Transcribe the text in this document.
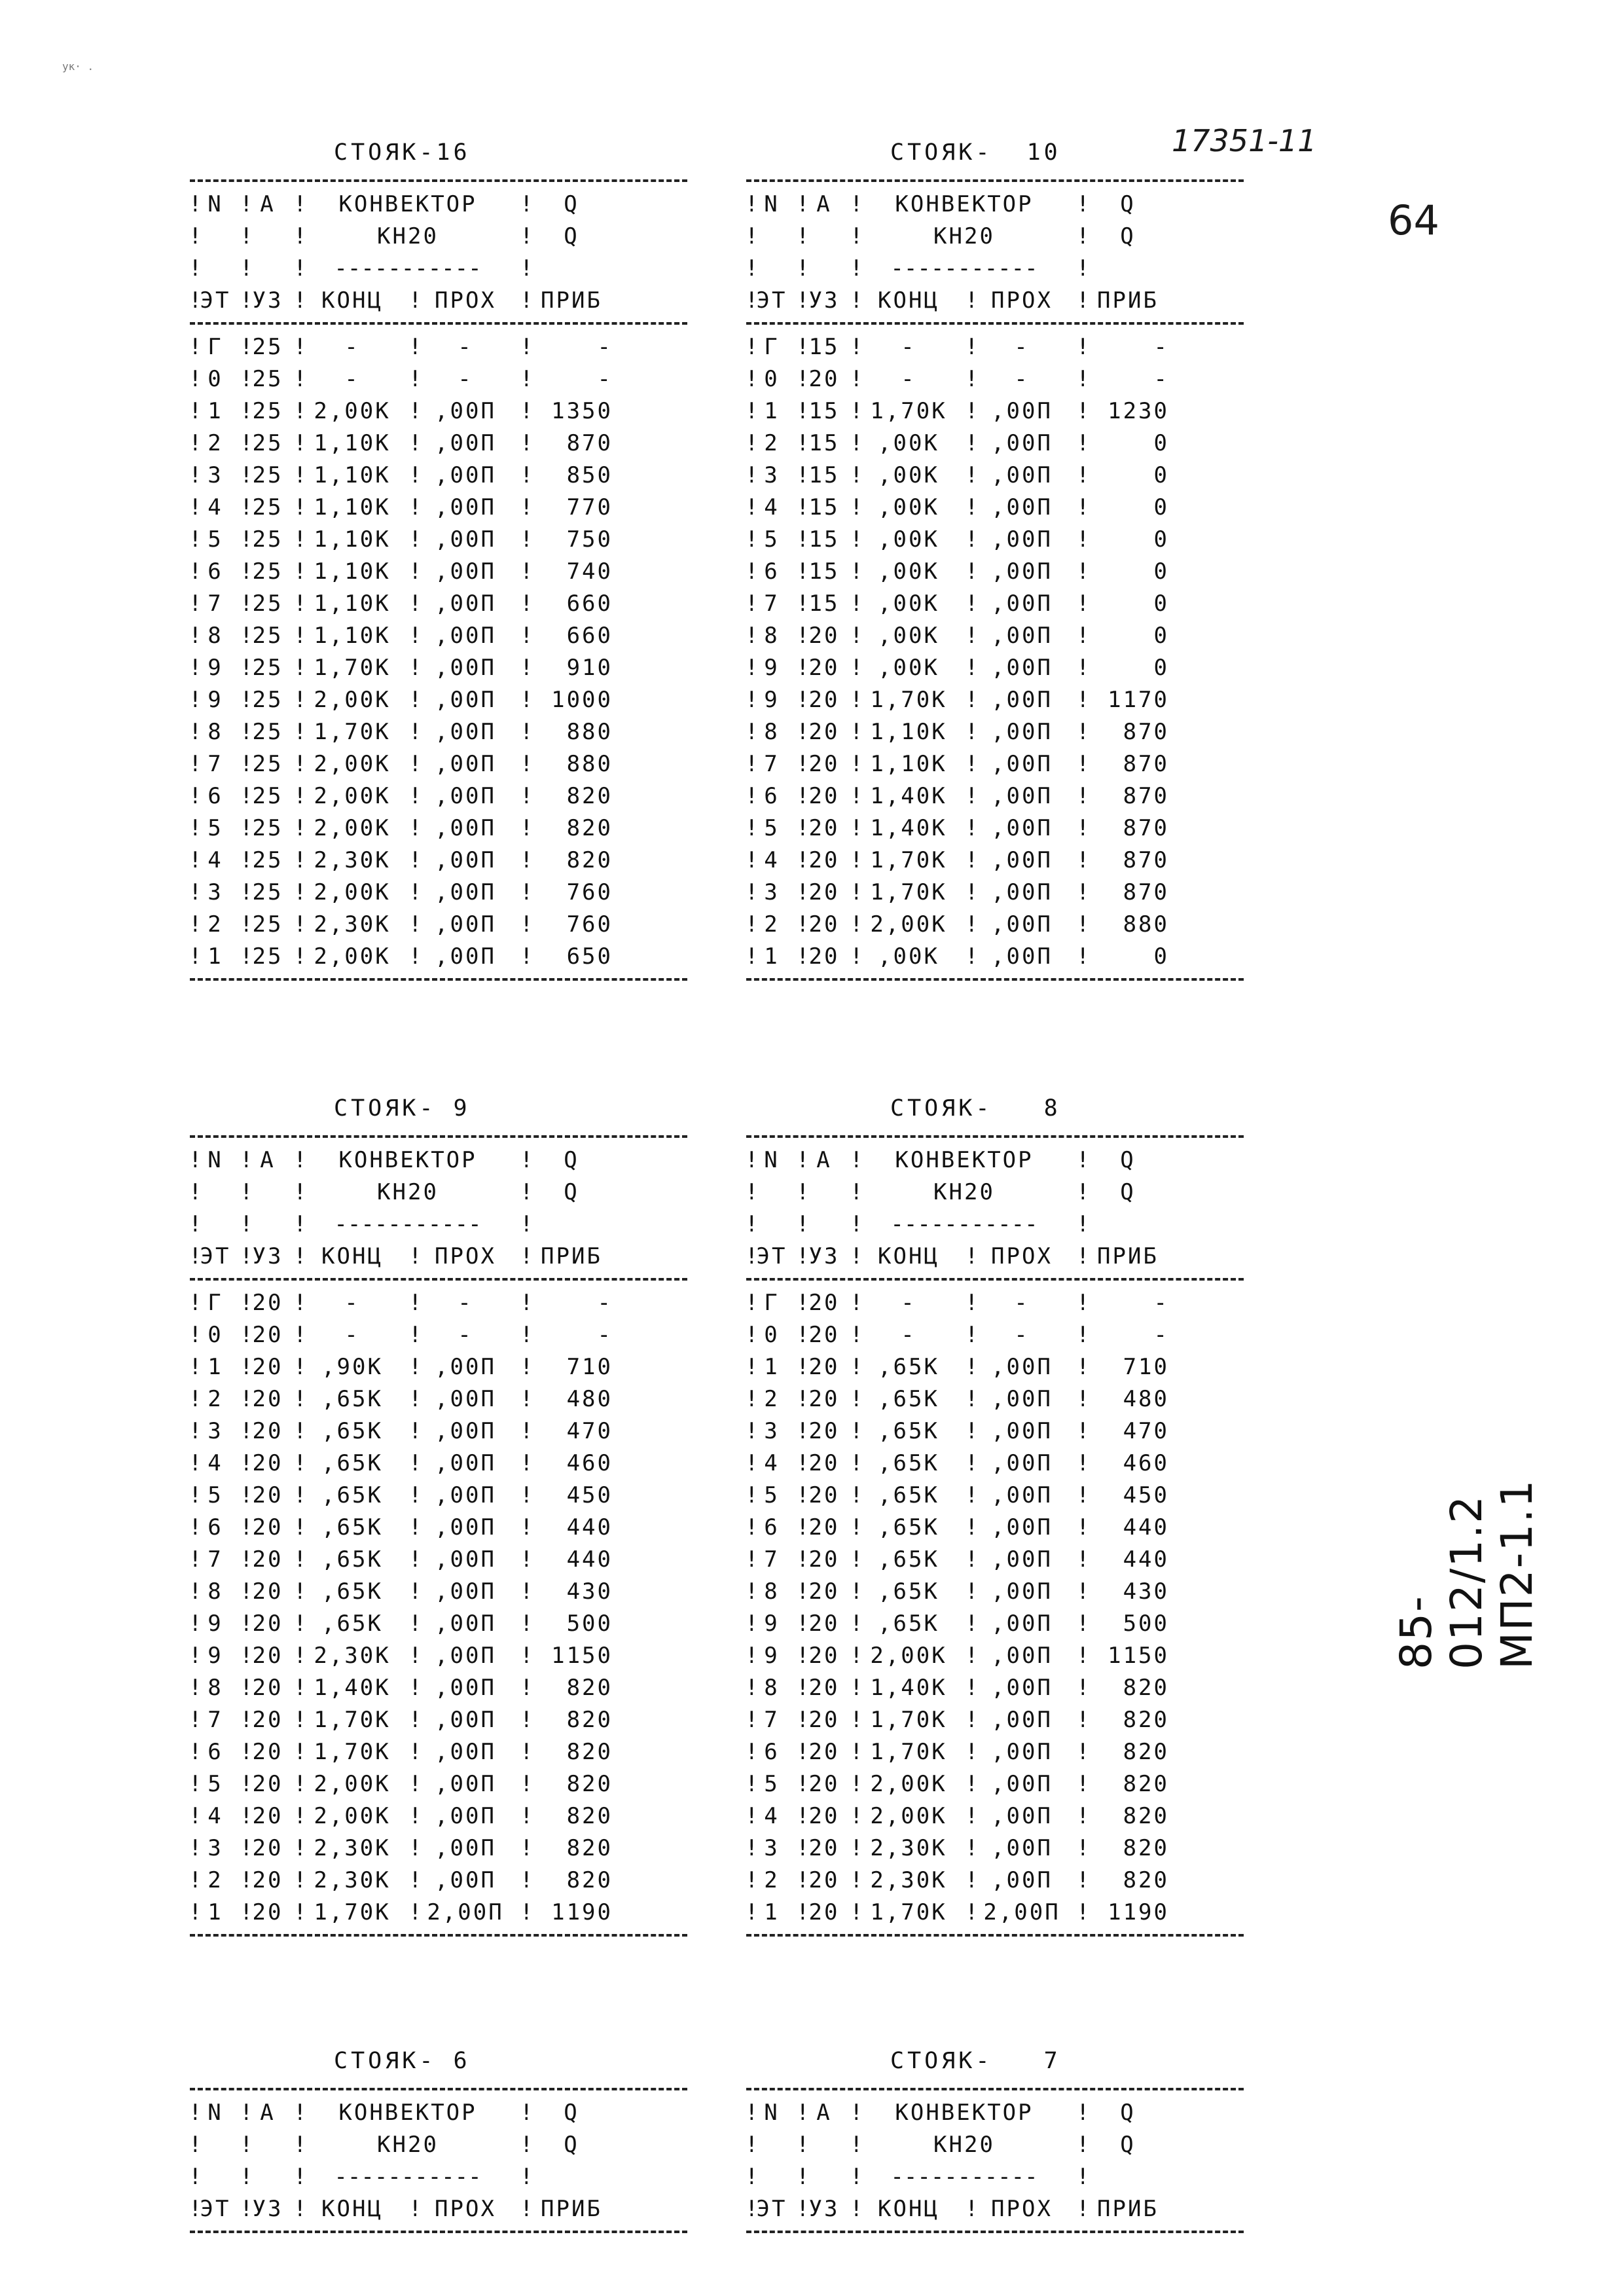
ук· .
17351-11
64
85-012/1.2 МП2-1.1
СТОЯК-16
! N	! А	! КОНВЕКТОР	! Q
!
!
! КН20	! Q
!
!
! -----------
!
! ЭТ ! УЗ	! КОНЦ	! ПРОХ	! ПРИБ
! Г	! 25	! -	! -	! -
! 0	! 25	! -	! -	! -
! 1	! 25	! 2,00К	! ,00П	! 1350
! 2	! 25	! 1,10К	! ,00П	! 870
! 3	! 25	! 1,10К	! ,00П	! 850
! 4	! 25	! 1,10К	! ,00П	! 770
! 5	! 25	! 1,10К	! ,00П	! 750
! 6	! 25	! 1,10К	! ,00П	! 740
! 7	! 25	! 1,10К	! ,00П	! 660
! 8	! 25	! 1,10К	! ,00П	! 660
! 9	! 25	! 1,70К	! ,00П	! 910
! 9	! 25	! 2,00К	! ,00П	! 1000
! 8	! 25	! 1,70К	! ,00П	! 880
! 7	! 25	! 2,00К	! ,00П	! 880
! 6	! 25	! 2,00К	! ,00П	! 820
! 5	! 25	! 2,00К	! ,00П	! 820
! 4	! 25	! 2,30К	! ,00П	! 820
! 3	! 25	! 2,00К	! ,00П	! 760
! 2	! 25	! 2,30К	! ,00П	! 760
! 1	! 25	! 2,00К	! ,00П	! 650
СТОЯК-  10
! N	! А	! КОНВЕКТОР	! Q
!
!
! КН20	! Q
!
!
! -----------
!
! ЭТ ! УЗ	! КОНЦ	! ПРОХ	! ПРИБ
! Г	! 15	! -	! -	! -
! 0	! 20	! -	! -	! -
! 1	! 15	! 1,70К	! ,00П	! 1230
! 2	! 15	! ,00К	! ,00П	! 0
! 3	! 15	! ,00К	! ,00П	! 0
! 4	! 15	! ,00К	! ,00П	! 0
! 5	! 15	! ,00К	! ,00П	! 0
! 6	! 15	! ,00К	! ,00П	! 0
! 7	! 15	! ,00К	! ,00П	! 0
! 8	! 20	! ,00К	! ,00П	! 0
! 9	! 20	! ,00К	! ,00П	! 0
! 9	! 20	! 1,70К	! ,00П	! 1170
! 8	! 20	! 1,10К	! ,00П	! 870
! 7	! 20	! 1,10К	! ,00П	! 870
! 6	! 20	! 1,40К	! ,00П	! 870
! 5	! 20	! 1,40К	! ,00П	! 870
! 4	! 20	! 1,70К	! ,00П	! 870
! 3	! 20	! 1,70К	! ,00П	! 870
! 2	! 20	! 2,00К	! ,00П	! 880
! 1	! 20	! ,00К	! ,00П	! 0
СТОЯК- 9
! N	! А	! КОНВЕКТОР	! Q
!
!
! КН20	! Q
!
!
! -----------
!
! ЭТ ! УЗ	! КОНЦ	! ПРОХ	! ПРИБ
! Г	! 20	! -	! -	! -
! 0	! 20	! -	! -	! -
! 1	! 20	! ,90К	! ,00П	! 710
! 2	! 20	! ,65К	! ,00П	! 480
! 3	! 20	! ,65К	! ,00П	! 470
! 4	! 20	! ,65К	! ,00П	! 460
! 5	! 20	! ,65К	! ,00П	! 450
! 6	! 20	! ,65К	! ,00П	! 440
! 7	! 20	! ,65К	! ,00П	! 440
! 8	! 20	! ,65К	! ,00П	! 430
! 9	! 20	! ,65К	! ,00П	! 500
! 9	! 20	! 2,30К	! ,00П	! 1150
! 8	! 20	! 1,40К	! ,00П	! 820
! 7	! 20	! 1,70К	! ,00П	! 820
! 6	! 20	! 1,70К	! ,00П	! 820
! 5	! 20	! 2,00К	! ,00П	! 820
! 4	! 20	! 2,00К	! ,00П	! 820
! 3	! 20	! 2,30К	! ,00П	! 820
! 2	! 20	! 2,30К	! ,00П	! 820
! 1	! 20	! 1,70К	! 2,00П	! 1190
СТОЯК-   8
! N	! А	! КОНВЕКТОР	! Q
!
!
! КН20	! Q
!
!
! -----------
!
! ЭТ ! УЗ	! КОНЦ	! ПРОХ	! ПРИБ
! Г	! 20	! -	! -	! -
! 0	! 20	! -	! -	! -
! 1	! 20	! ,65К	! ,00П	! 710
! 2	! 20	! ,65К	! ,00П	! 480
! 3	! 20	! ,65К	! ,00П	! 470
! 4	! 20	! ,65К	! ,00П	! 460
! 5	! 20	! ,65К	! ,00П	! 450
! 6	! 20	! ,65К	! ,00П	! 440
! 7	! 20	! ,65К	! ,00П	! 440
! 8	! 20	! ,65К	! ,00П	! 430
! 9	! 20	! ,65К	! ,00П	! 500
! 9	! 20	! 2,00К	! ,00П	! 1150
! 8	! 20	! 1,40К	! ,00П	! 820
! 7	! 20	! 1,70К	! ,00П	! 820
! 6	! 20	! 1,70К	! ,00П	! 820
! 5	! 20	! 2,00К	! ,00П	! 820
! 4	! 20	! 2,00К	! ,00П	! 820
! 3	! 20	! 2,30К	! ,00П	! 820
! 2	! 20	! 2,30К	! ,00П	! 820
! 1	! 20	! 1,70К	! 2,00П	! 1190
СТОЯК- 6
! N	! А	! КОНВЕКТОР	! Q
!
!
! КН20	! Q
!
!
! -----------
!
! ЭТ ! УЗ	! КОНЦ	! ПРОХ	! ПРИБ
СТОЯК-   7
! N	! А	! КОНВЕКТОР	! Q
!
!
! КН20	! Q
!
!
! -----------
!
! ЭТ ! УЗ	! КОНЦ	! ПРОХ	! ПРИБ
